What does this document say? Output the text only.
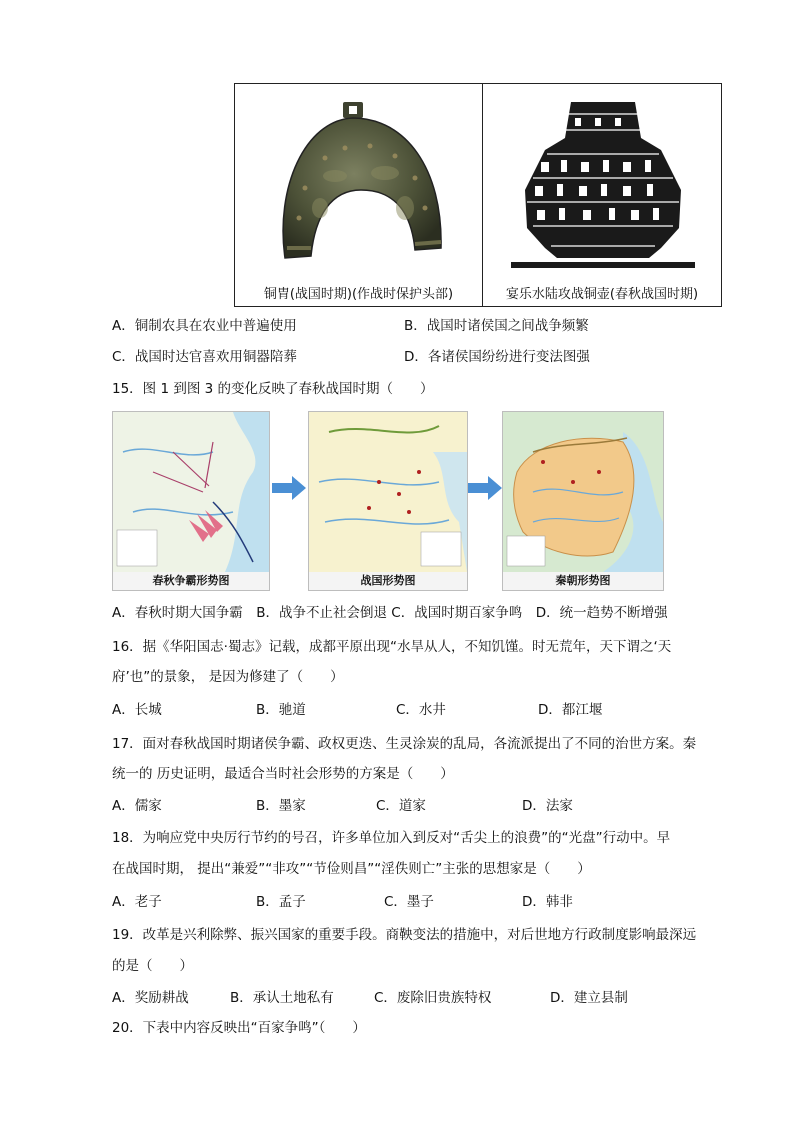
铜胄(战国时期)(作战时保护头部)	宴乐水陆攻战铜壶(春秋战国时期)
A．铜制农具在农业中普遍使用	B．战国时诸侯国之间战争频繁
C．战国时达官喜欢用铜器陪葬	D．各诸侯国纷纷进行变法图强
15．图 1 到图 3 的变化反映了春秋战国时期（　　）
春秋争霸形势图	战国形势图	秦朝形势图
A．春秋时期大国争霸　B．战争不止社会倒退 C．战国时期百家争鸣　D．统一趋势不断增强
16．据《华阳国志·蜀志》记载，成都平原出现“水旱从人，不知饥馑。时无荒年，天下谓之‘天
府’也”的景象， 是因为修建了（　　）
A．长城	B．驰道	C．水井	D．都江堰
17．面对春秋战国时期诸侯争霸、政权更迭、生灵涂炭的乱局，各流派提出了不同的治世方案。秦
统一的 历史证明，最适合当时社会形势的方案是（　　）
A．儒家	B．墨家	C．道家	D．法家
18．为响应党中央厉行节约的号召，许多单位加入到反对“舌尖上的浪费”的“光盘”行动中。早
在战国时期， 提出“兼爱”“非攻”“节俭则昌”“淫佚则亡”主张的思想家是（　　）
A．老子	B．孟子	C．墨子	D．韩非
19．改革是兴利除弊、振兴国家的重要手段。商鞅变法的措施中，对后世地方行政制度影响最深远
的是（　　）
A．奖励耕战	B．承认土地私有	C．废除旧贵族特权	D．建立县制
20．下表中内容反映出“百家争鸣”（　　）
